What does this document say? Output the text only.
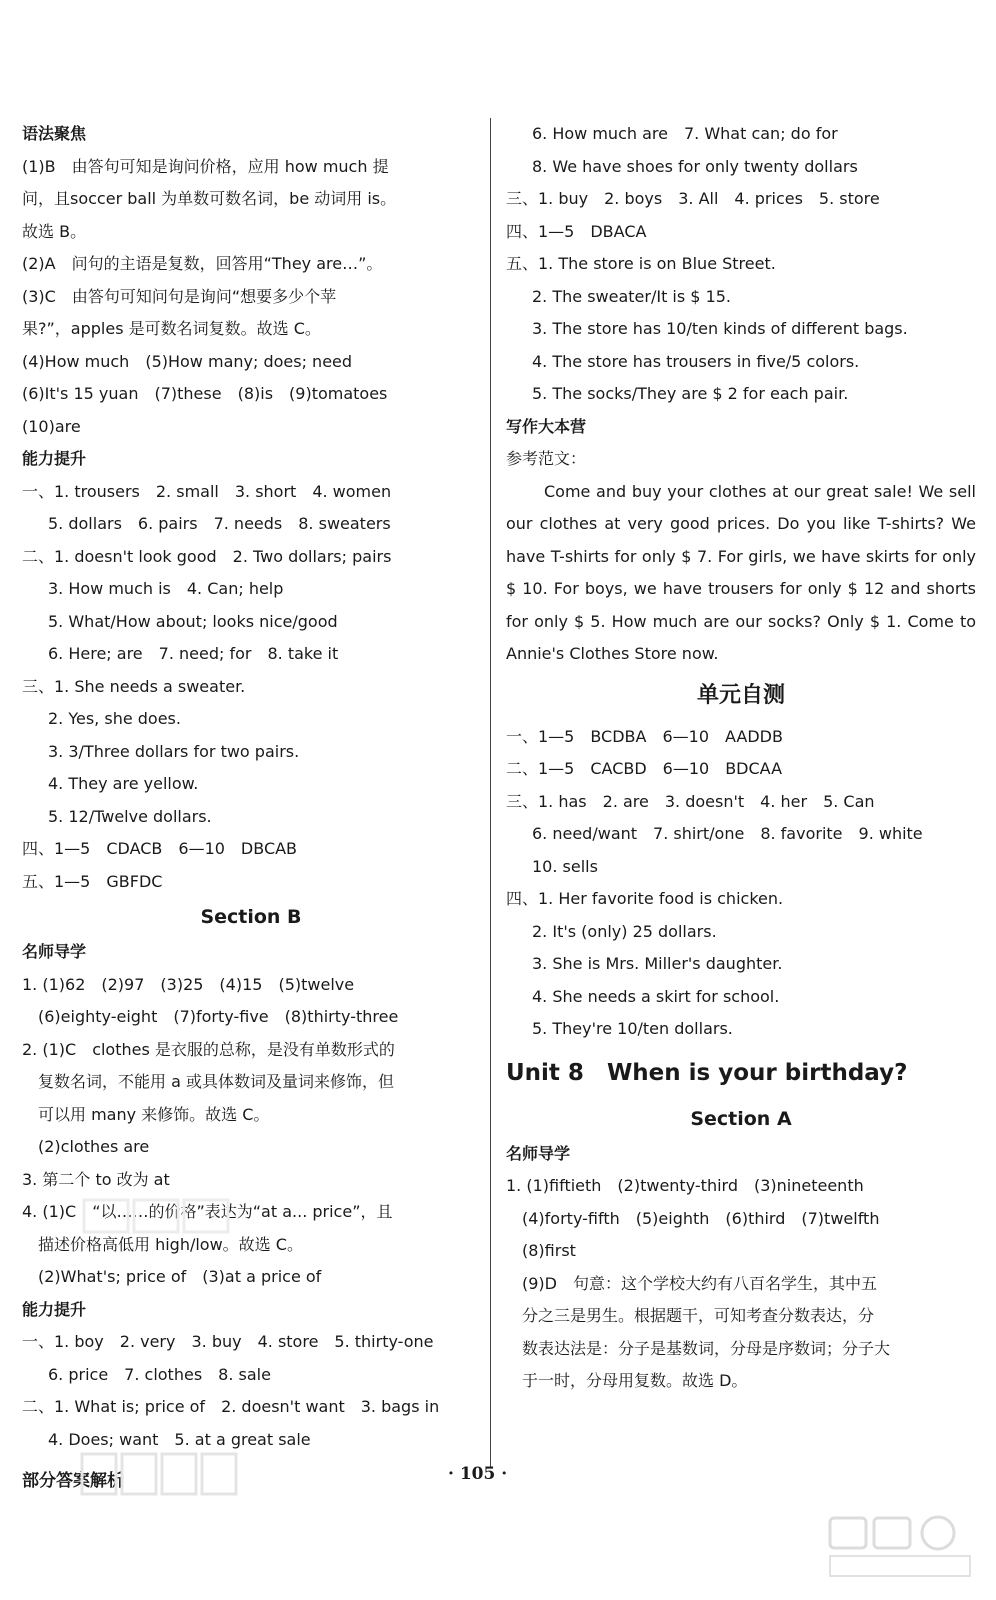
语法聚焦
(1)B　由答句可知是询问价格，应用 how much 提
问，且soccer ball 为单数可数名词，be 动词用 is。
故选 B。
(2)A　问句的主语是复数，回答用“They are…”。
(3)C　由答句可知问句是询问“想要多少个苹
果?”，apples 是可数名词复数。故选 C。
(4)How much　(5)How many; does; need
(6)It's 15 yuan　(7)these　(8)is　(9)tomatoes
(10)are
能力提升
一、1. trousers　2. small　3. short　4. women
5. dollars　6. pairs　7. needs　8. sweaters
二、1. doesn't look good　2. Two dollars; pairs
3. How much is　4. Can; help
5. What/How about; looks nice/good
6. Here; are　7. need; for　8. take it
三、1. She needs a sweater.
2. Yes, she does.
3. 3/Three dollars for two pairs.
4. They are yellow.
5. 12/Twelve dollars.
四、1—5　CDACB　6—10　DBCAB
五、1—5　GBFDC
Section B
名师导学
1. (1)62　(2)97　(3)25　(4)15　(5)twelve
　(6)eighty-eight　(7)forty-five　(8)thirty-three
2. (1)C　clothes 是衣服的总称，是没有单数形式的
　复数名词，不能用 a 或具体数词及量词来修饰，但
　可以用 many 来修饰。故选 C。
　(2)clothes are
3. 第二个 to 改为 at
4. (1)C　“以……的价格”表达为“at a... price”，且
　描述价格高低用 high/low。故选 C。
　(2)What's; price of　(3)at a price of
能力提升
一、1. boy　2. very　3. buy　4. store　5. thirty-one
6. price　7. clothes　8. sale
二、1. What is; price of　2. doesn't want　3. bags in
4. Does; want　5. at a great sale
6. How much are　7. What can; do for
8. We have shoes for only twenty dollars
三、1. buy　2. boys　3. All　4. prices　5. store
四、1—5　DBACA
五、1. The store is on Blue Street.
2. The sweater/It is $ 15.
3. The store has 10/ten kinds of different bags.
4. The store has trousers in five/5 colors.
5. The socks/They are $ 2 for each pair.
写作大本营
参考范文：
Come and buy your clothes at our great sale! We sell our clothes at very good prices. Do you like T-shirts? We have T-shirts for only $ 7. For girls, we have skirts for only $ 10. For boys, we have trousers for only $ 12 and shorts for only $ 5. How much are our socks? Only $ 1. Come to Annie's Clothes Store now.
单元自测
一、1—5　BCDBA　6—10　AADDB
二、1—5　CACBD　6—10　BDCAA
三、1. has　2. are　3. doesn't　4. her　5. Can
6. need/want　7. shirt/one　8. favorite　9. white
10. sells
四、1. Her favorite food is chicken.
2. It's (only) 25 dollars.
3. She is Mrs. Miller's daughter.
4. She needs a skirt for school.
5. They're 10/ten dollars.
Unit 8　When is your birthday?
Section A
名师导学
1. (1)fiftieth　(2)twenty-third　(3)nineteenth
　(4)forty-fifth　(5)eighth　(6)third　(7)twelfth
　(8)first
　(9)D　句意：这个学校大约有八百名学生，其中五
　分之三是男生。根据题干，可知考查分数表达，分
　数表达法是：分子是基数词，分母是序数词；分子大
　于一时，分母用复数。故选 D。
部分答案解析	· 105 ·
